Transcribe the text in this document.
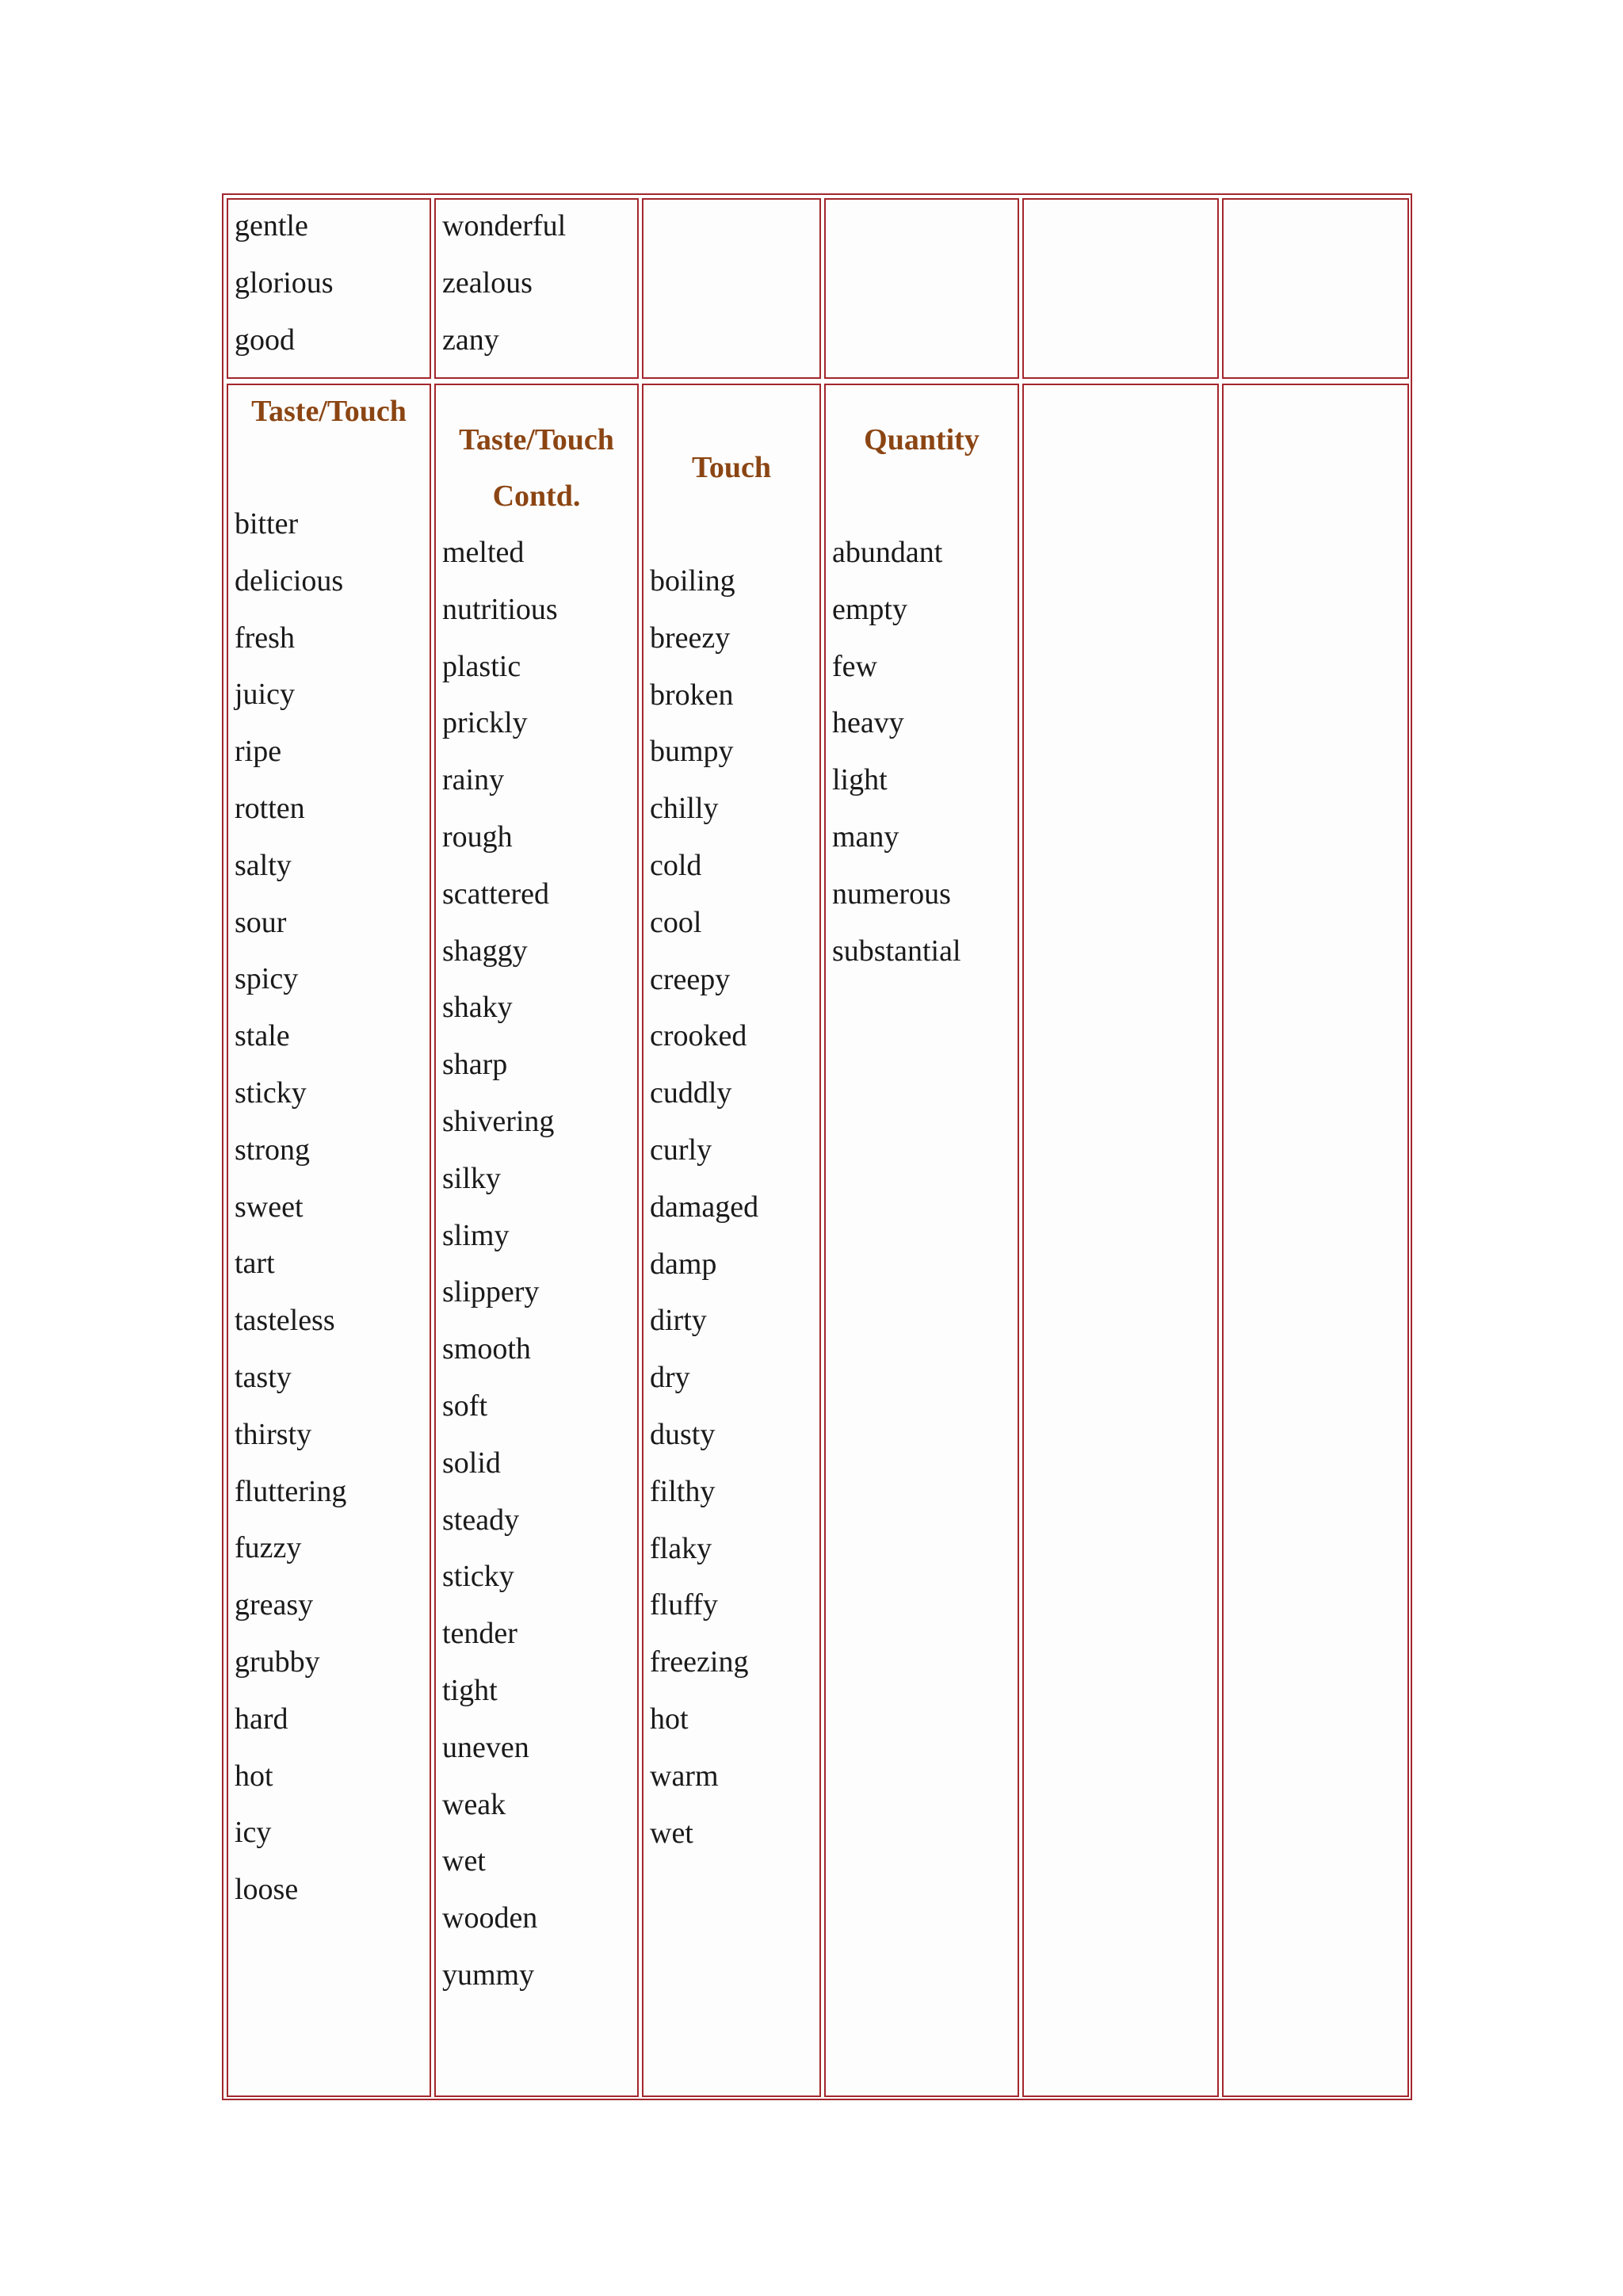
gentle
glorious
good
wonderful
zealous
zany
Taste/Touch
bitter
delicious
fresh
juicy
ripe
rotten
salty
sour
spicy
stale
sticky
strong
sweet
tart
tasteless
tasty
thirsty
fluttering
fuzzy
greasy
grubby
hard
hot
icy
loose
Taste/Touch
Contd.
melted
nutritious
plastic
prickly
rainy
rough
scattered
shaggy
shaky
sharp
shivering
silky
slimy
slippery
smooth
soft
solid
steady
sticky
tender
tight
uneven
weak
wet
wooden
yummy
Touch
boiling
breezy
broken
bumpy
chilly
cold
cool
creepy
crooked
cuddly
curly
damaged
damp
dirty
dry
dusty
filthy
flaky
fluffy
freezing
hot
warm
wet
Quantity
abundant
empty
few
heavy
light
many
numerous
substantial
